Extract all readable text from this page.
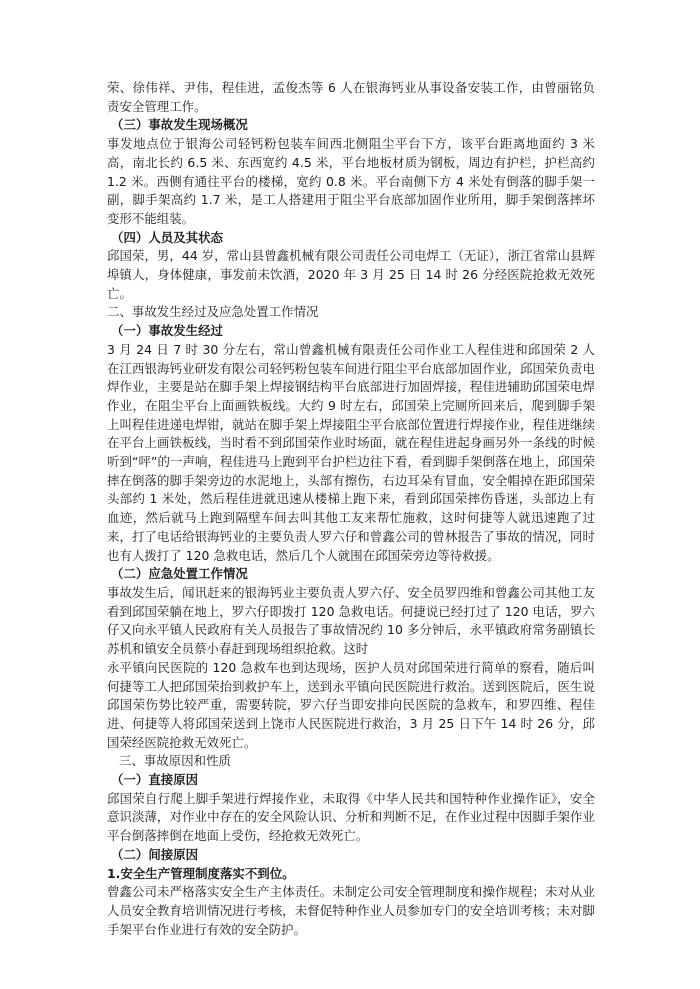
荣、徐伟祥、尹伟，程佳进，孟俊杰等 6 人在银海钙业从事设备安装工作，由曾丽铭负责安全管理工作。

（三）事故发生现场概况

事发地点位于银海公司轻钙粉包装车间西北侧阻尘平台下方，该平台距离地面约 3 米高，南北长约 6.5 米、东西宽约 4.5 米，平台地板材质为钢板，周边有护栏，护栏高约 1.2 米。西侧有通往平台的楼梯，宽约 0.8 米。平台南侧下方 4 米处有倒落的脚手架一副，脚手架高约 1.7 米，是工人搭建用于阻尘平台底部加固作业所用，脚手架倒落摔坏变形不能组装。

（四）人员及其状态

邱国荣，男，44 岁，常山县曾鑫机械有限公司责任公司电焊工（无证），浙江省常山县辉埠镇人，身体健康，事发前未饮酒，2020 年 3 月 25 日 14 时 26 分经医院抢救无效死亡。

二、事故发生经过及应急处置工作情况

（一）事故发生经过

3 月 24 日 7 时 30 分左右，常山曾鑫机械有限责任公司作业工人程佳进和邱国荣 2 人在江西银海钙业研发有限公司轻钙粉包装车间进行阻尘平台底部加固作业，邱国荣负责电焊作业，主要是站在脚手架上焊接钢结构平台底部进行加固焊接，程佳进辅助邱国荣电焊作业，在阻尘平台上面画铁板线。大约 9 时左右，邱国荣上完厕所回来后，爬到脚手架上叫程佳进递电焊钳，就站在脚手架上焊接阻尘平台底部位置进行焊接作业，程佳进继续在平台上画铁板线，当时看不到邱国荣作业时场面，就在程佳进起身画另外一条线的时候听到“呯”的一声响，程佳进马上跑到平台护栏边往下看，看到脚手架倒落在地上，邱国荣摔在倒落的脚手架旁边的水泥地上，头部有擦伤，右边耳朵有冒血，安全帽掉在距邱国荣头部约 1 米处，然后程佳进就迅速从楼梯上跑下来，看到邱国荣摔伤昏迷，头部边上有血迹，然后就马上跑到隔壁车间去叫其他工友来帮忙施救，这时何捷等人就迅速跑了过来，打了电话给银海钙业的主要负责人罗六仔和曾鑫公司的曾林报告了事故的情况，同时也有人拨打了 120 急救电话，然后几个人就围在邱国荣旁边等待救援。

（二）应急处置工作情况

事故发生后，闻讯赶来的银海钙业主要负责人罗六仔、安全员罗四维和曾鑫公司其他工友看到邱国荣躺在地上，罗六仔即拨打 120 急救电话。何捷说已经打过了 120 电话，罗六仔又向永平镇人民政府有关人员报告了事故情况约 10 多分钟后，永平镇政府常务副镇长苏机和镇安全员蔡小春赶到现场组织抢救。这时

永平镇向民医院的 120 急救车也到达现场，医护人员对邱国荣进行简单的察看，随后叫何捷等工人把邱国荣抬到救护车上，送到永平镇向民医院进行救治。送到医院后，医生说邱国荣伤势比较严重，需要转院，罗六仔当即安排向民医院的急救车，和罗四维、程佳进、何捷等人将邱国荣送到上饶市人民医院进行救治，3 月 25 日下午 14 时 26 分，邱国荣经医院抢救无效死亡。

三、事故原因和性质

（一）直接原因

邱国荣自行爬上脚手架进行焊接作业，未取得《中华人民共和国特种作业操作证》，安全意识淡薄，对作业中存在的安全风险认识、分析和判断不足，在作业过程中因脚手架作业平台倒落摔倒在地面上受伤，经抢救无效死亡。

（二）间接原因

1.安全生产管理制度落实不到位。

曾鑫公司未严格落实安全生产主体责任。未制定公司安全管理制度和操作规程；未对从业人员安全教育培训情况进行考核，未督促特种作业人员参加专门的安全培训考核；未对脚手架平台作业进行有效的安全防护。
